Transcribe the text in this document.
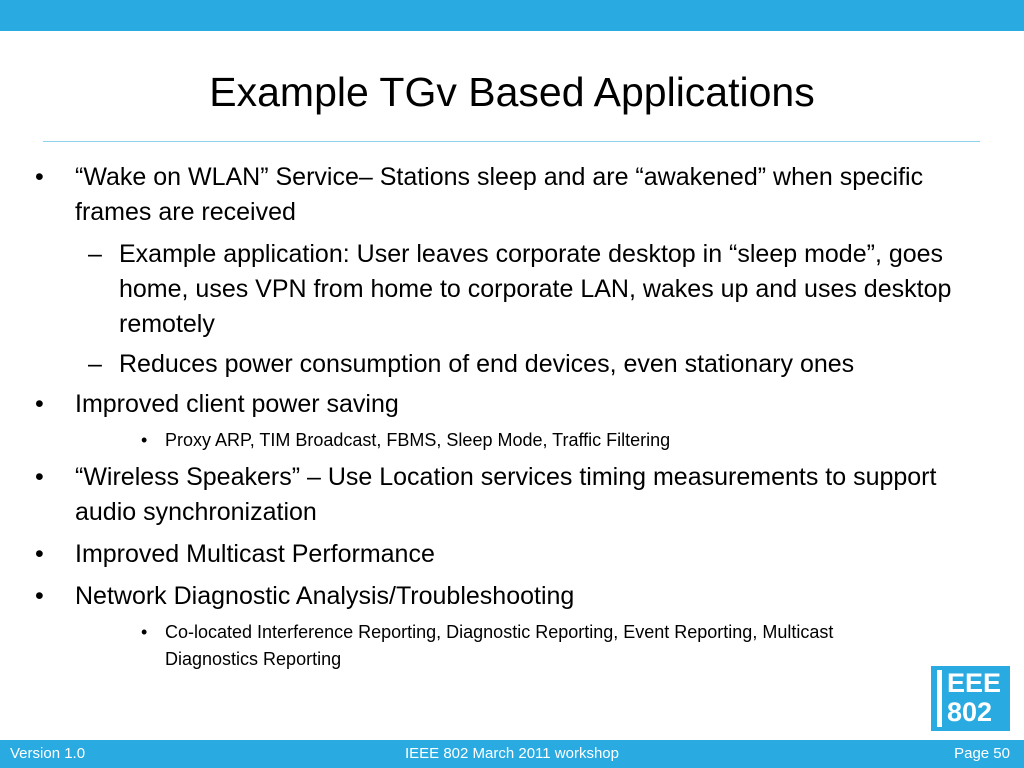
Example TGv Based Applications
• “Wake on WLAN” Service– Stations sleep and are “awakened” when specific frames are received
– Example application: User leaves corporate desktop in “sleep mode”, goes home, uses VPN from home to corporate LAN, wakes up and uses desktop remotely
– Reduces power consumption of end devices, even stationary ones
• Improved client power saving
• Proxy ARP, TIM Broadcast, FBMS, Sleep Mode, Traffic Filtering
• “Wireless Speakers” – Use Location services timing measurements to support audio synchronization
• Improved Multicast Performance
• Network Diagnostic Analysis/Troubleshooting
• Co-located Interference Reporting, Diagnostic Reporting, Event Reporting, Multicast Diagnostics Reporting
EEE
802
Version 1.0	IEEE 802 March 2011 workshop	Page 50
